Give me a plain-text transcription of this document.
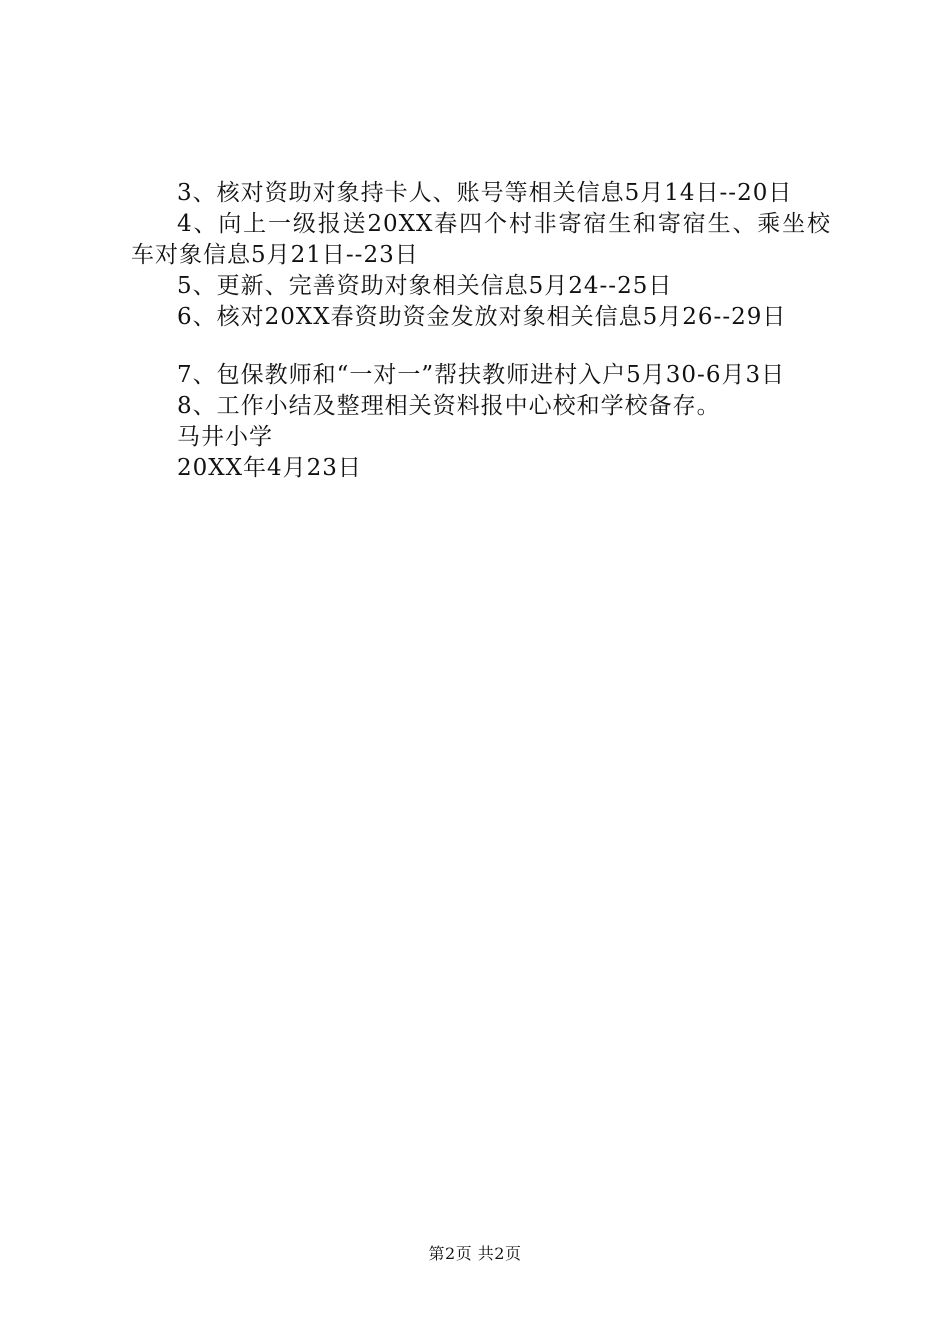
3、核对资助对象持卡人、账号等相关信息5月14日--20日

4、向上一级报送20XX春四个村非寄宿生和寄宿生、乘坐校车对象信息5月21日--23日

5、更新、完善资助对象相关信息5月24--25日

6、核对20XX春资助资金发放对象相关信息5月26--29日

7、包保教师和“一对一”帮扶教师进村入户5月30-6月3日

8、工作小结及整理相关资料报中心校和学校备存。

马井小学

20XX年4月23日

第2页 共2页
